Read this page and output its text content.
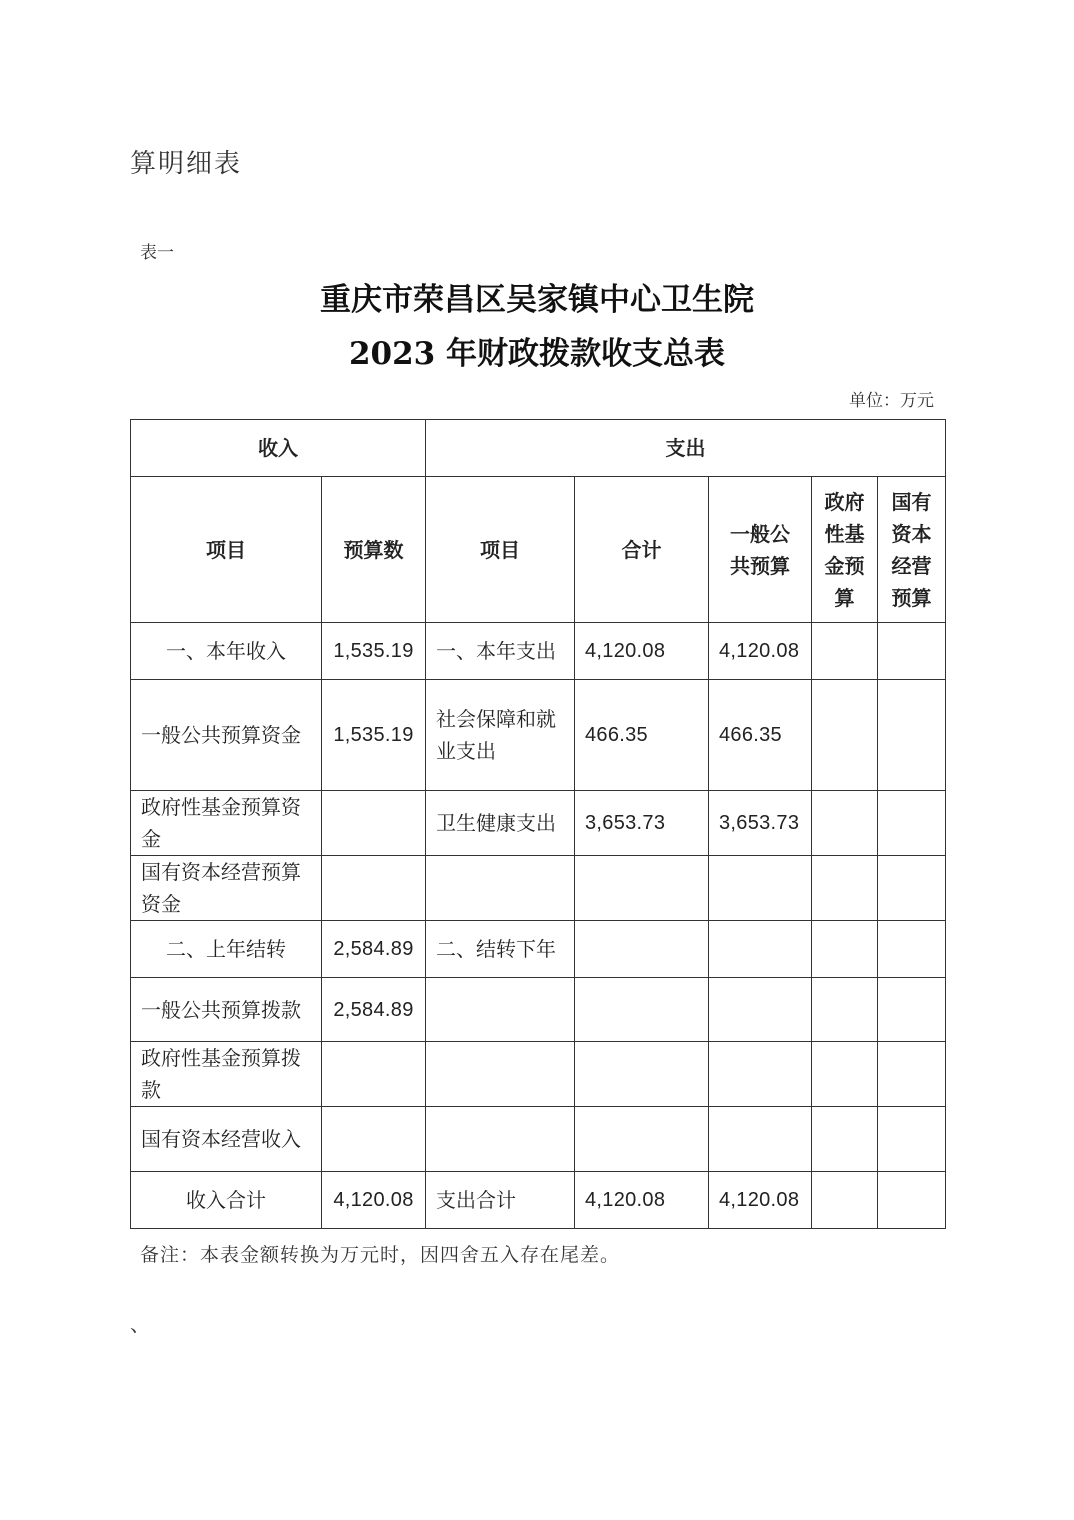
算明细表
表一
重庆市荣昌区吴家镇中心卫生院
2023 年财政拨款收支总表
单位：万元
收入		支出				
项目	预算数	项目	合计	一般公共预算	政府性基金预算	国有资本经营预算
一、本年收入	1,535.19	一、本年支出	4,120.08	4,120.08		
一般公共预算资金	1,535.19	社会保障和就业支出	466.35	466.35		
政府性基金预算资金		卫生健康支出	3,653.73	3,653.73		
国有资本经营预算资金						
二、上年结转	2,584.89	二、结转下年				
一般公共预算拨款	2,584.89					
政府性基金预算拨款						
国有资本经营收入						
收入合计	4,120.08	支出合计	4,120.08	4,120.08		
备注：本表金额转换为万元时，因四舍五入存在尾差。
、
